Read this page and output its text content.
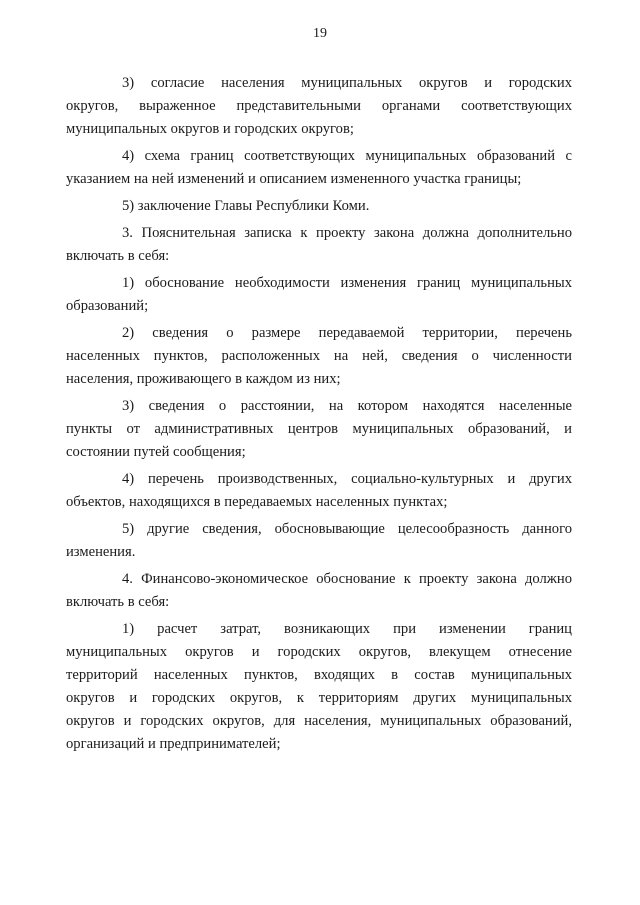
19
3) согласие населения муниципальных округов и городских
округов, выраженное представительными органами соответствующих
муниципальных округов и городских округов;
4) схема границ соответствующих муниципальных образований с
указанием на ней изменений и описанием измененного участка границы;
5) заключение Главы Республики Коми.
3. Пояснительная записка к проекту закона должна дополнительно
включать в себя:
1) обоснование необходимости изменения границ муниципальных
образований;
2) сведения о размере передаваемой территории, перечень
населенных пунктов, расположенных на ней, сведения о численности
населения, проживающего в каждом из них;
3) сведения о расстоянии, на котором находятся населенные
пункты от административных центров муниципальных образований, и
состоянии путей сообщения;
4) перечень производственных, социально-культурных и других
объектов, находящихся в передаваемых населенных пунктах;
5) другие сведения, обосновывающие целесообразность данного
изменения.
4. Финансово-экономическое обоснование к проекту закона должно
включать в себя:
1) расчет затрат, возникающих при изменении границ
муниципальных округов и городских округов, влекущем отнесение
территорий населенных пунктов, входящих в состав муниципальных
округов и городских округов, к территориям других муниципальных
округов и городских округов, для населения, муниципальных образований,
организаций и предпринимателей;
